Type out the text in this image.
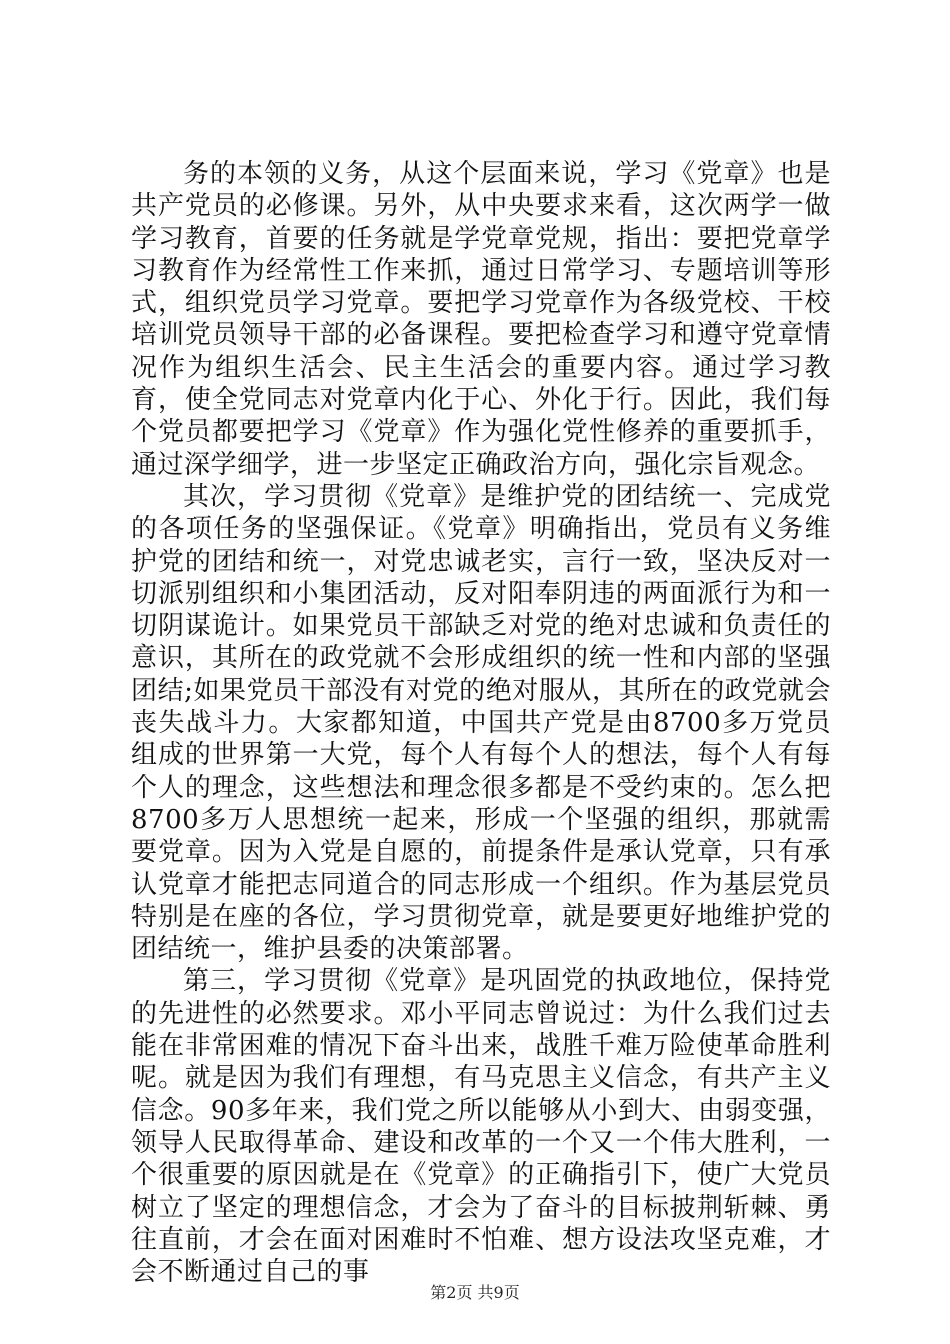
务的本领的义务，从这个层面来说，学习《党章》也是共产党员的必修课。另外，从中央要求来看，这次两学一做学习教育，首要的任务就是学党章党规，指出：要把党章学习教育作为经常性工作来抓，通过日常学习、专题培训等形式，组织党员学习党章。要把学习党章作为各级党校、干校培训党员领导干部的必备课程。要把检查学习和遵守党章情况作为组织生活会、民主生活会的重要内容。通过学习教育，使全党同志对党章内化于心、外化于行。因此，我们每个党员都要把学习《党章》作为强化党性修养的重要抓手，通过深学细学，进一步坚定正确政治方向，强化宗旨观念。

其次，学习贯彻《党章》是维护党的团结统一、完成党的各项任务的坚强保证。《党章》明确指出，党员有义务维护党的团结和统一，对党忠诚老实，言行一致，坚决反对一切派别组织和小集团活动，反对阳奉阴违的两面派行为和一切阴谋诡计。如果党员干部缺乏对党的绝对忠诚和负责任的意识，其所在的政党就不会形成组织的统一性和内部的坚强团结;如果党员干部没有对党的绝对服从，其所在的政党就会丧失战斗力。大家都知道，中国共产党是由8700多万党员组成的世界第一大党，每个人有每个人的想法，每个人有每个人的理念，这些想法和理念很多都是不受约束的。怎么把8700多万人思想统一起来，形成一个坚强的组织，那就需要党章。因为入党是自愿的，前提条件是承认党章，只有承认党章才能把志同道合的同志形成一个组织。作为基层党员特别是在座的各位，学习贯彻党章，就是要更好地维护党的团结统一，维护县委的决策部署。

第三，学习贯彻《党章》是巩固党的执政地位，保持党的先进性的必然要求。邓小平同志曾说过：为什么我们过去能在非常困难的情况下奋斗出来，战胜千难万险使革命胜利呢。就是因为我们有理想，有马克思主义信念，有共产主义信念。90多年来，我们党之所以能够从小到大、由弱变强，领导人民取得革命、建设和改革的一个又一个伟大胜利，一个很重要的原因就是在《党章》的正确指引下，使广大党员树立了坚定的理想信念，才会为了奋斗的目标披荆斩棘、勇往直前，才会在面对困难时不怕难、想方设法攻坚克难，才会不断通过自己的事

第2页 共9页
